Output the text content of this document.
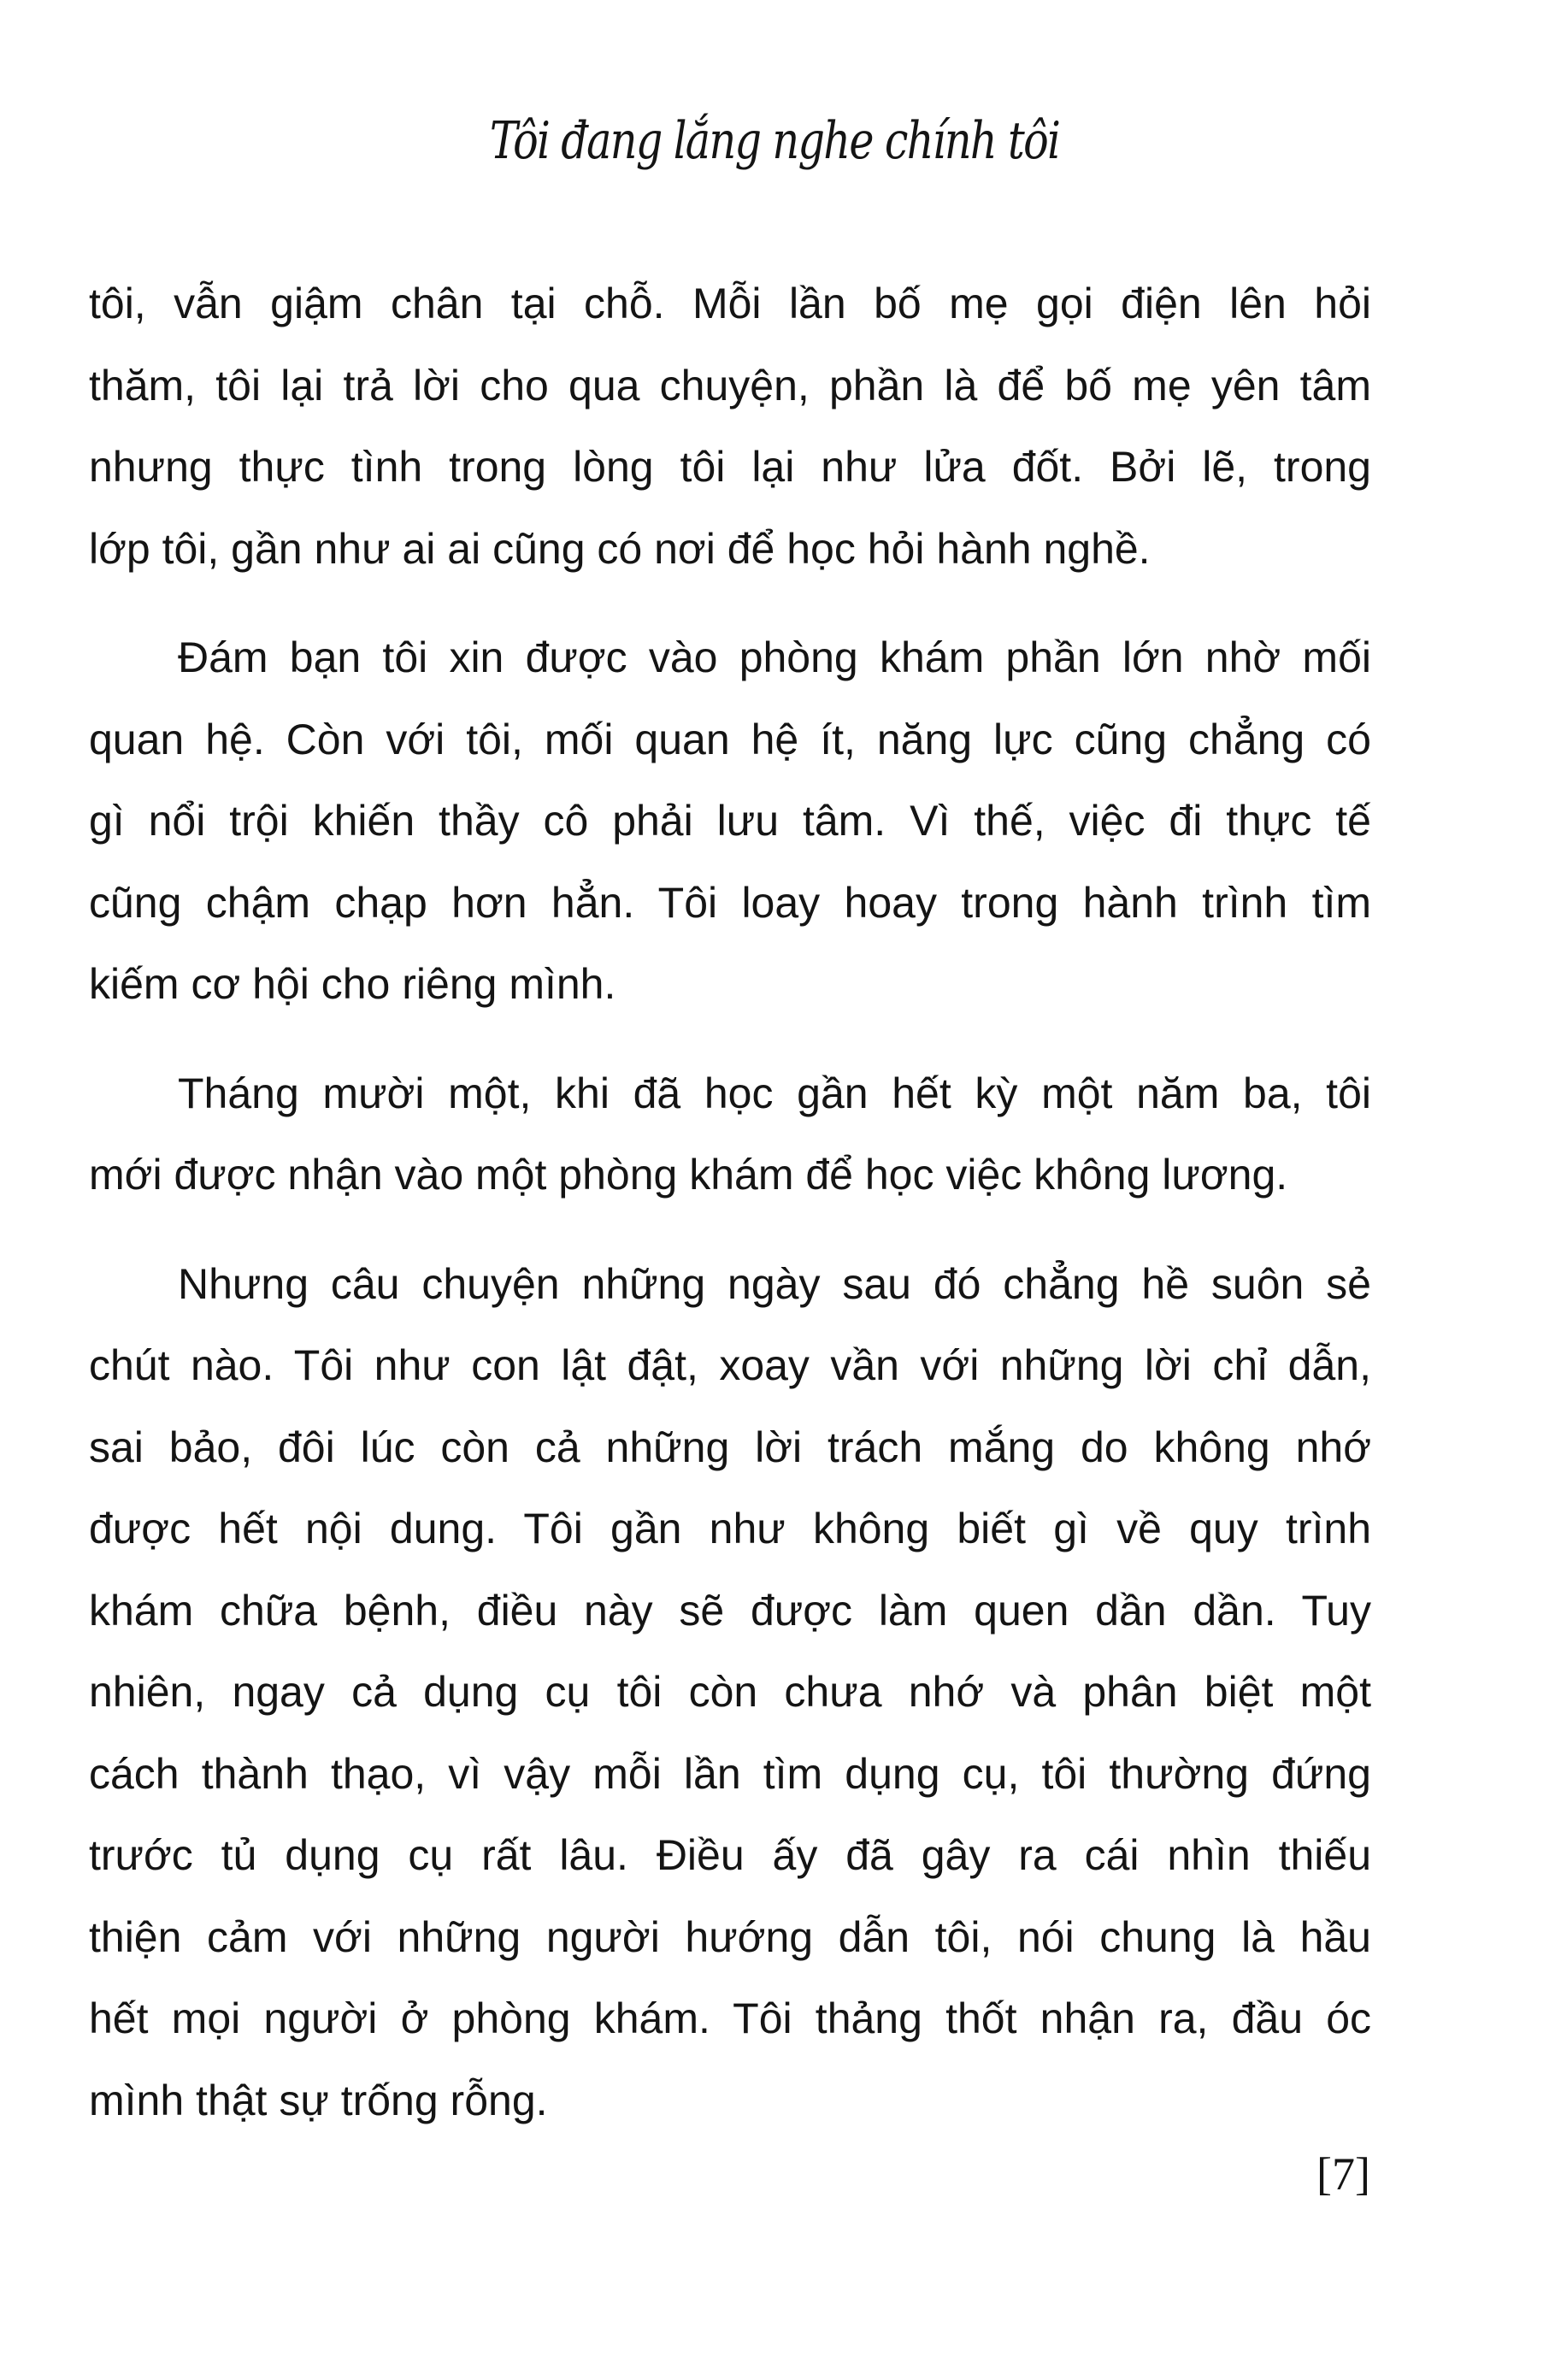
Tôi đang lắng nghe chính tôi
tôi, vẫn giậm chân tại chỗ. Mỗi lần bố mẹ gọi điện lên hỏi
thăm, tôi lại trả lời cho qua chuyện, phần là để bố mẹ yên tâm
nhưng thực tình trong lòng tôi lại như lửa đốt. Bởi lẽ, trong
lớp tôi, gần như ai ai cũng có nơi để học hỏi hành nghề.
Đám bạn tôi xin được vào phòng khám phần lớn nhờ mối
quan hệ. Còn với tôi, mối quan hệ ít, năng lực cũng chẳng có
gì nổi trội khiến thầy cô phải lưu tâm. Vì thế, việc đi thực tế
cũng chậm chạp hơn hẳn. Tôi loay hoay trong hành trình tìm
kiếm cơ hội cho riêng mình.
Tháng mười một, khi đã học gần hết kỳ một năm ba, tôi
mới được nhận vào một phòng khám để học việc không lương.
Nhưng câu chuyện những ngày sau đó chẳng hề suôn sẻ
chút nào. Tôi như con lật đật, xoay vần với những lời chỉ dẫn,
sai bảo, đôi lúc còn cả những lời trách mắng do không nhớ
được hết nội dung. Tôi gần như không biết gì về quy trình
khám chữa bệnh, điều này sẽ được làm quen dần dần. Tuy
nhiên, ngay cả dụng cụ tôi còn chưa nhớ và phân biệt một
cách thành thạo, vì vậy mỗi lần tìm dụng cụ, tôi thường đứng
trước tủ dụng cụ rất lâu. Điều ấy đã gây ra cái nhìn thiếu
thiện cảm với những người hướng dẫn tôi, nói chung là hầu
hết mọi người ở phòng khám. Tôi thảng thốt nhận ra, đầu óc
mình thật sự trống rỗng.
[7]
